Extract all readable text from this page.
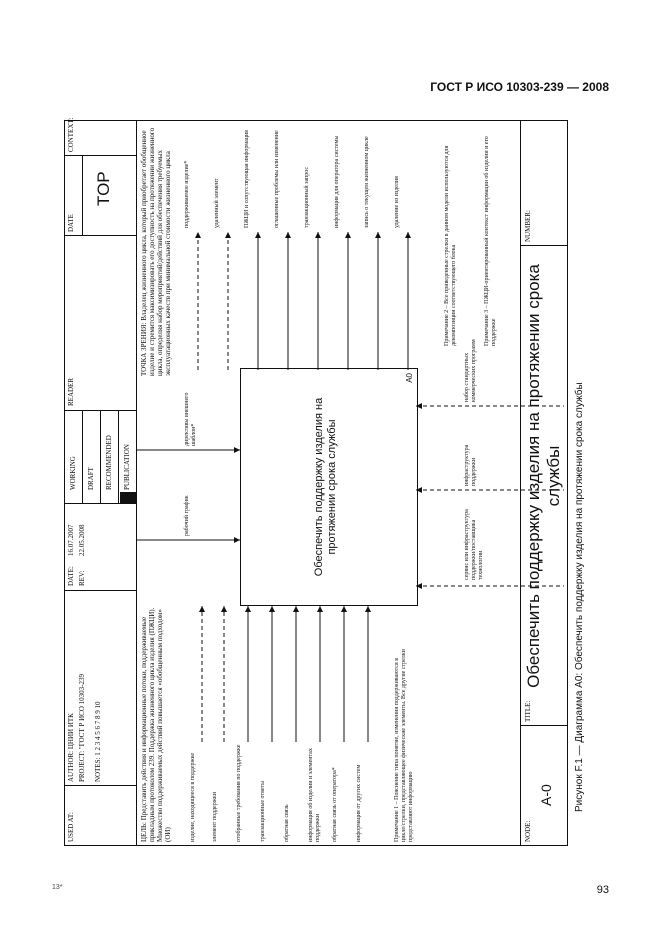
ГОСТ Р ИСО 10303-239 — 2008
13*	93
Рисунок F.1 — Диаграмма А0: Обеспечить поддержку изделия на протяжении срока службы
USED AT:
AUTHOR: ЦНИИ ИТК PROJECT: "ГОСТ Р ИСО 10303-239 NOTES: 1 2 3 4 5 6 7 8 9 10
DATE:
16.07.2007
REV:
22.05.2008
WORKING DRAFT RECOMMENDED PUBLICATION
READER
DATE
CONTEXT:
TOP
ЦЕЛЬ: Представить действия и информационные потоки, поддерживаемые прикладным протоколом 239. Поддержка жизненного цикла изделия (ПЖЦИ). Множество поддерживаемых действий повышается «обобщенным подходом» (ОИ)
ТОЧКА ЗРЕНИЯ: Владелец жизненного цикла, который приобретает обобщенное изделие и стремится максимизировать его доступность на протяжении жизненного цикла, определяя набор мероприятий/действий для обеспечения требуемых эксплуатационных качеств при минимальной стоимости жизненного цикла
Обеспечить поддержку изделия на протяжении срока службы
А0
изделие, находящееся в поддержке	элемент поддержки	отобранные требования по поддержке	транзакционные ответы	обратная связь	информация об изделии и элементах поддержки обратная связь от оператора*	информация от других систем
поддерживаемое изделие*	удаленный элемент	ПЖЦИ и сопутствующая информация	оглашенные проблемы или изменение	транзакционный запрос	информация для оператора системы	запись о текущем жизненном цикле	удаление из изделия
рабочий график
директивы внешнего шаблон*
сервис или инфраструктура поддержки/поставщика технологии
инфраструктура поддержки
набор стандартных коммерческих программ
Примечание 1 – Пояснение типа понятие, изменения поддерживаются в цикле/стрелки, представляющее физические элементы. Все другие стрелки представляют информацию
Примечание 2 – Все приведенные стрелки в данном модели используются для декомпозиции соответствующего блока	Примечание 3 – ПЖЦИ-ориентированный контекст информации об изделии и его поддержке
NODE:
А-0
TITLE:
Обеспечить поддержку изделия на протяжении срока службы
NUMBER:
